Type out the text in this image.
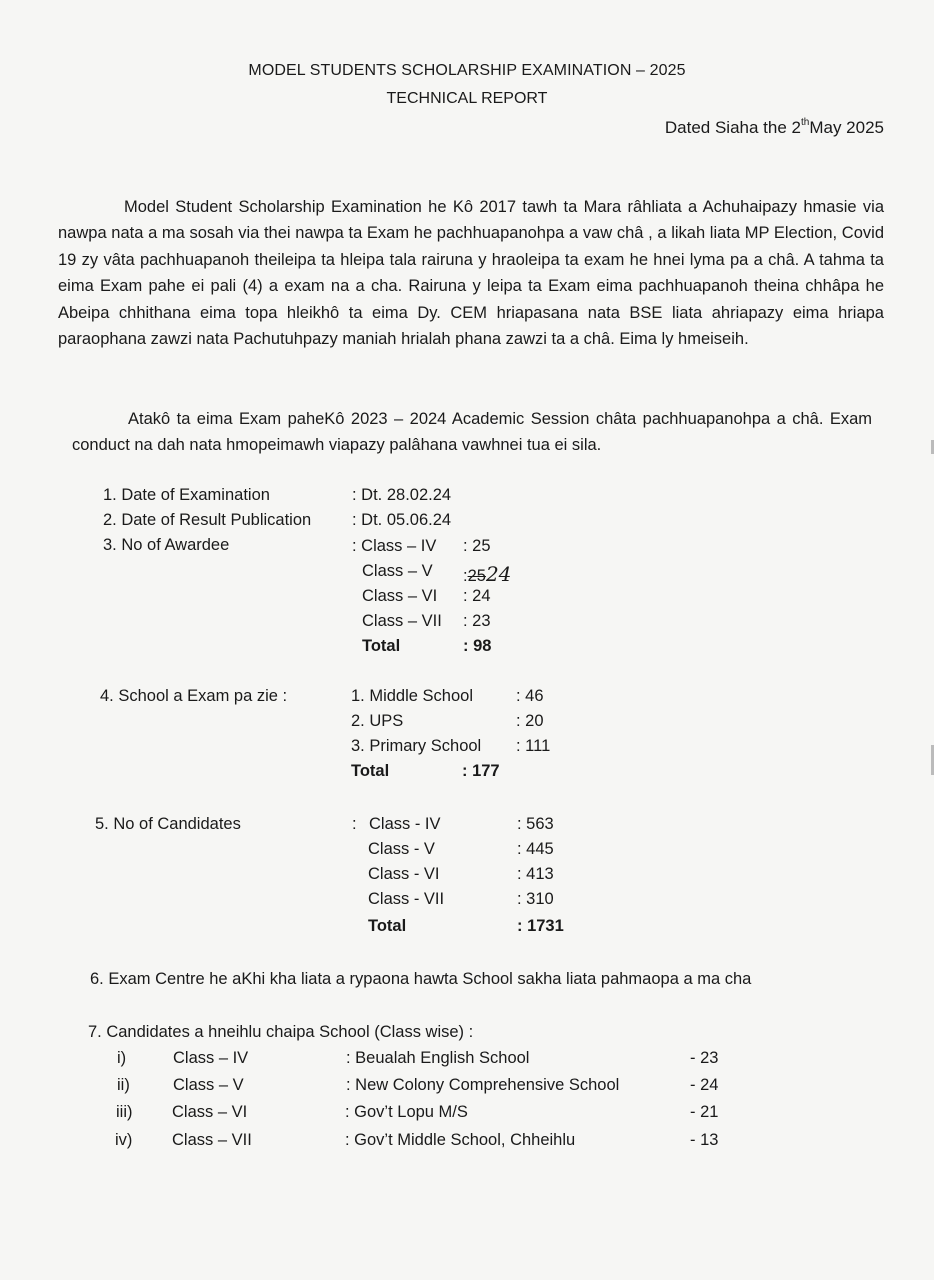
MODEL STUDENTS SCHOLARSHIP EXAMINATION – 2025
TECHNICAL REPORT
Dated Siaha the 2thMay 2025
Model Student Scholarship Examination he Kô 2017 tawh ta Mara râhliata a Achuhaipazy hmasie via nawpa nata a ma sosah via thei nawpa ta Exam he pachhuapanohpa a vaw châ , a likah liata MP Election, Covid 19 zy vâta pachhuapanoh theileipa ta hleipa tala rairuna y hraoleipa ta exam he hnei lyma pa a châ. A tahma ta eima Exam pahe ei pali (4) a exam na a cha. Rairuna y leipa ta Exam eima pachhuapanoh theina chhâpa he Abeipa chhithana eima topa hleikhô ta eima Dy. CEM hriapasana nata BSE liata ahriapazy eima hriapa paraophana zawzi nata Pachutuhpazy maniah hrialah phana zawzi ta a châ. Eima ly hmeiseih.
Atakô ta eima Exam paheKô 2023 – 2024 Academic Session châta pachhuapanohpa a châ. Exam conduct na dah nata hmopeimawh viapazy palâhana vawhnei tua ei sila.
1. Date of Examination	: Dt. 28.02.24
2. Date of Result Publication : Dt. 05.06.24
3. No of Awardee	: Class – IV : 25
Class – V :2524
Class – VI : 24
Class – VII : 23
Total	: 98
4. School a Exam pa zie :	1. Middle School	: 46
2. UPS	: 20
3. Primary School : 111
Total	: 177
5. No of Candidates	: Class - IV	: 563
Class - V	: 445
Class - VI	: 413
Class - VII	: 310
Total	: 1731
6. Exam Centre he aKhi kha liata a rypaona hawta School sakha liata pahmaopa a ma cha
7. Candidates a hneihlu chaipa School (Class wise) :
i)	Class – IV	: Beualah English School	- 23
ii)	Class – V	: New Colony Comprehensive School	- 24
iii) Class – VI	: Gov’t Lopu M/S	- 21
iv) Class – VII	: Gov’t Middle School, Chheihlu	- 13
